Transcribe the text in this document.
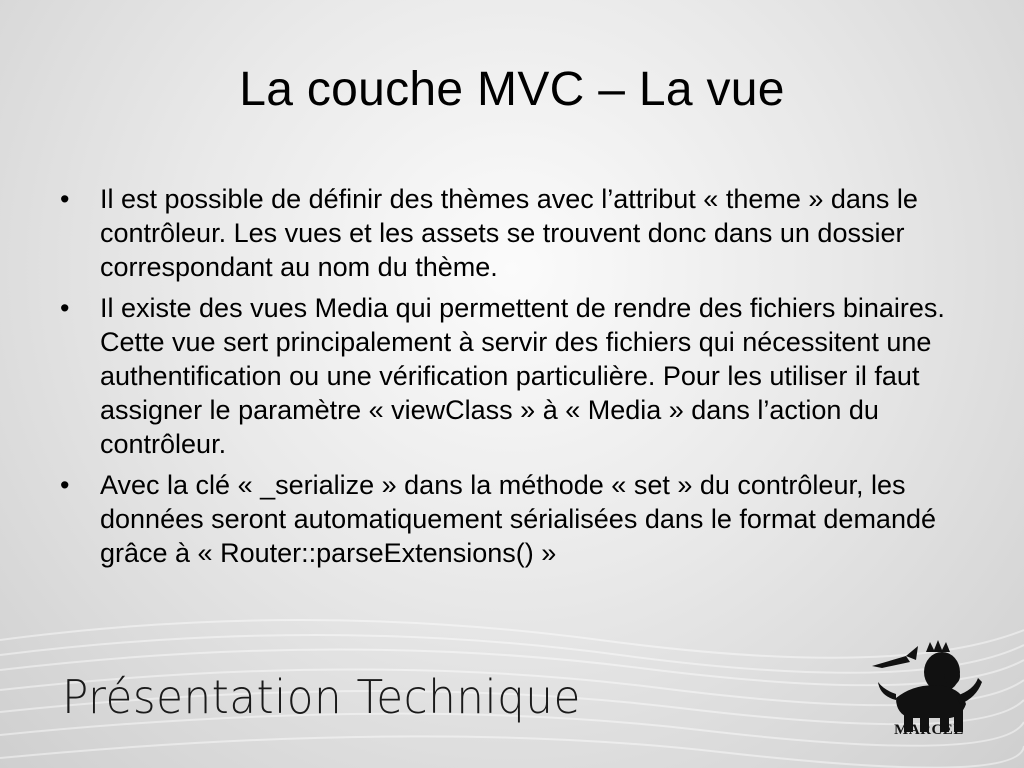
La couche MVC – La vue
• Il est possible de définir des thèmes avec l’attribut « theme » dans le contrôleur. Les vues et les assets se trouvent donc dans un dossier correspondant au nom du thème.
• Il existe des vues Media qui permettent de rendre des fichiers binaires. Cette vue sert principalement à servir des fichiers qui nécessitent une authentification ou une vérification particulière. Pour les utiliser il faut assigner le paramètre « viewClass » à « Media » dans l’action du contrôleur.
• Avec la clé « _serialize » dans la méthode « set » du contrôleur, les données seront automatiquement sérialisées dans le format demandé grâce à « Router::parseExtensions() »
Présentation Technique
MARCEL
